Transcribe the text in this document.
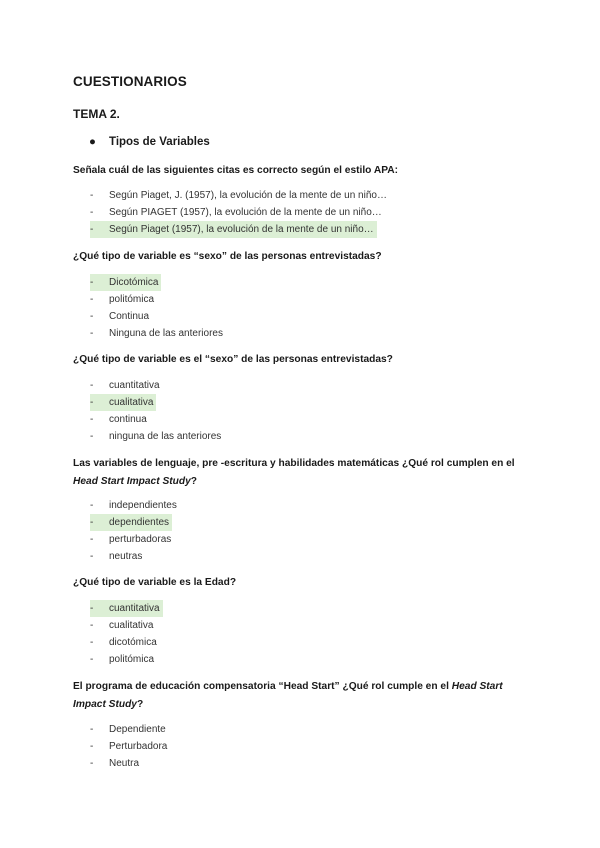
CUESTIONARIOS
TEMA 2.
● Tipos de Variables
Señala cuál de las siguientes citas es correcto según el estilo APA:
- Según Piaget, J. (1957), la evolución de la mente de un niño…
- Según PIAGET (1957), la evolución de la mente de un niño…
- Según Piaget (1957), la evolución de la mente de un niño…
¿Qué tipo de variable es “sexo” de las personas entrevistadas?
- Dicotómica
- politómica
- Continua
- Ninguna de las anteriores
¿Qué tipo de variable es el “sexo” de las personas entrevistadas?
- cuantitativa
- cualitativa
- continua
- ninguna de las anteriores
Las variables de lenguaje, pre -escritura y habilidades matemáticas ¿Qué rol cumplen en el
Head Start Impact Study?
- independientes
- dependientes
- perturbadoras
- neutras
¿Qué tipo de variable es la Edad?
- cuantitativa
- cualitativa
- dicotómica
- politómica
El programa de educación compensatoria “Head Start” ¿Qué rol cumple en el Head Start
Impact Study?
- Dependiente
- Perturbadora
- Neutra
